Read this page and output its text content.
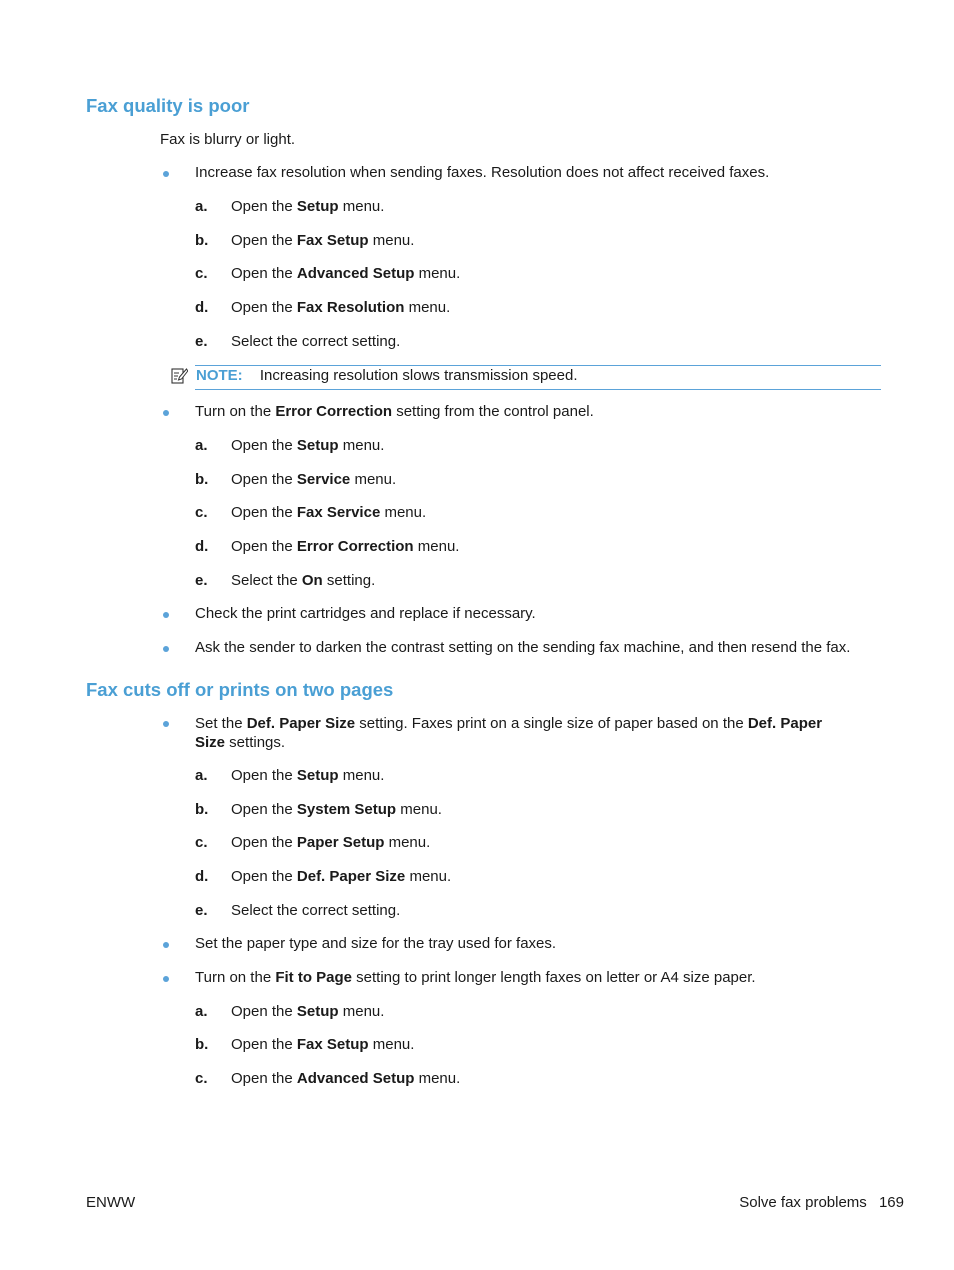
Fax quality is poor
Fax is blurry or light.
Increase fax resolution when sending faxes. Resolution does not affect received faxes.
a. Open the Setup menu.
b. Open the Fax Setup menu.
c. Open the Advanced Setup menu.
d. Open the Fax Resolution menu.
e. Select the correct setting.
NOTE: Increasing resolution slows transmission speed.
Turn on the Error Correction setting from the control panel.
a. Open the Setup menu.
b. Open the Service menu.
c. Open the Fax Service menu.
d. Open the Error Correction menu.
e. Select the On setting.
Check the print cartridges and replace if necessary.
Ask the sender to darken the contrast setting on the sending fax machine, and then resend the fax.
Fax cuts off or prints on two pages
Set the Def. Paper Size setting. Faxes print on a single size of paper based on the Def. Paper
Size settings.
a. Open the Setup menu.
b. Open the System Setup menu.
c. Open the Paper Setup menu.
d. Open the Def. Paper Size menu.
e. Select the correct setting.
Set the paper type and size for the tray used for faxes.
Turn on the Fit to Page setting to print longer length faxes on letter or A4 size paper.
a. Open the Setup menu.
b. Open the Fax Setup menu.
c. Open the Advanced Setup menu.
ENWW	Solve fax problems 169
